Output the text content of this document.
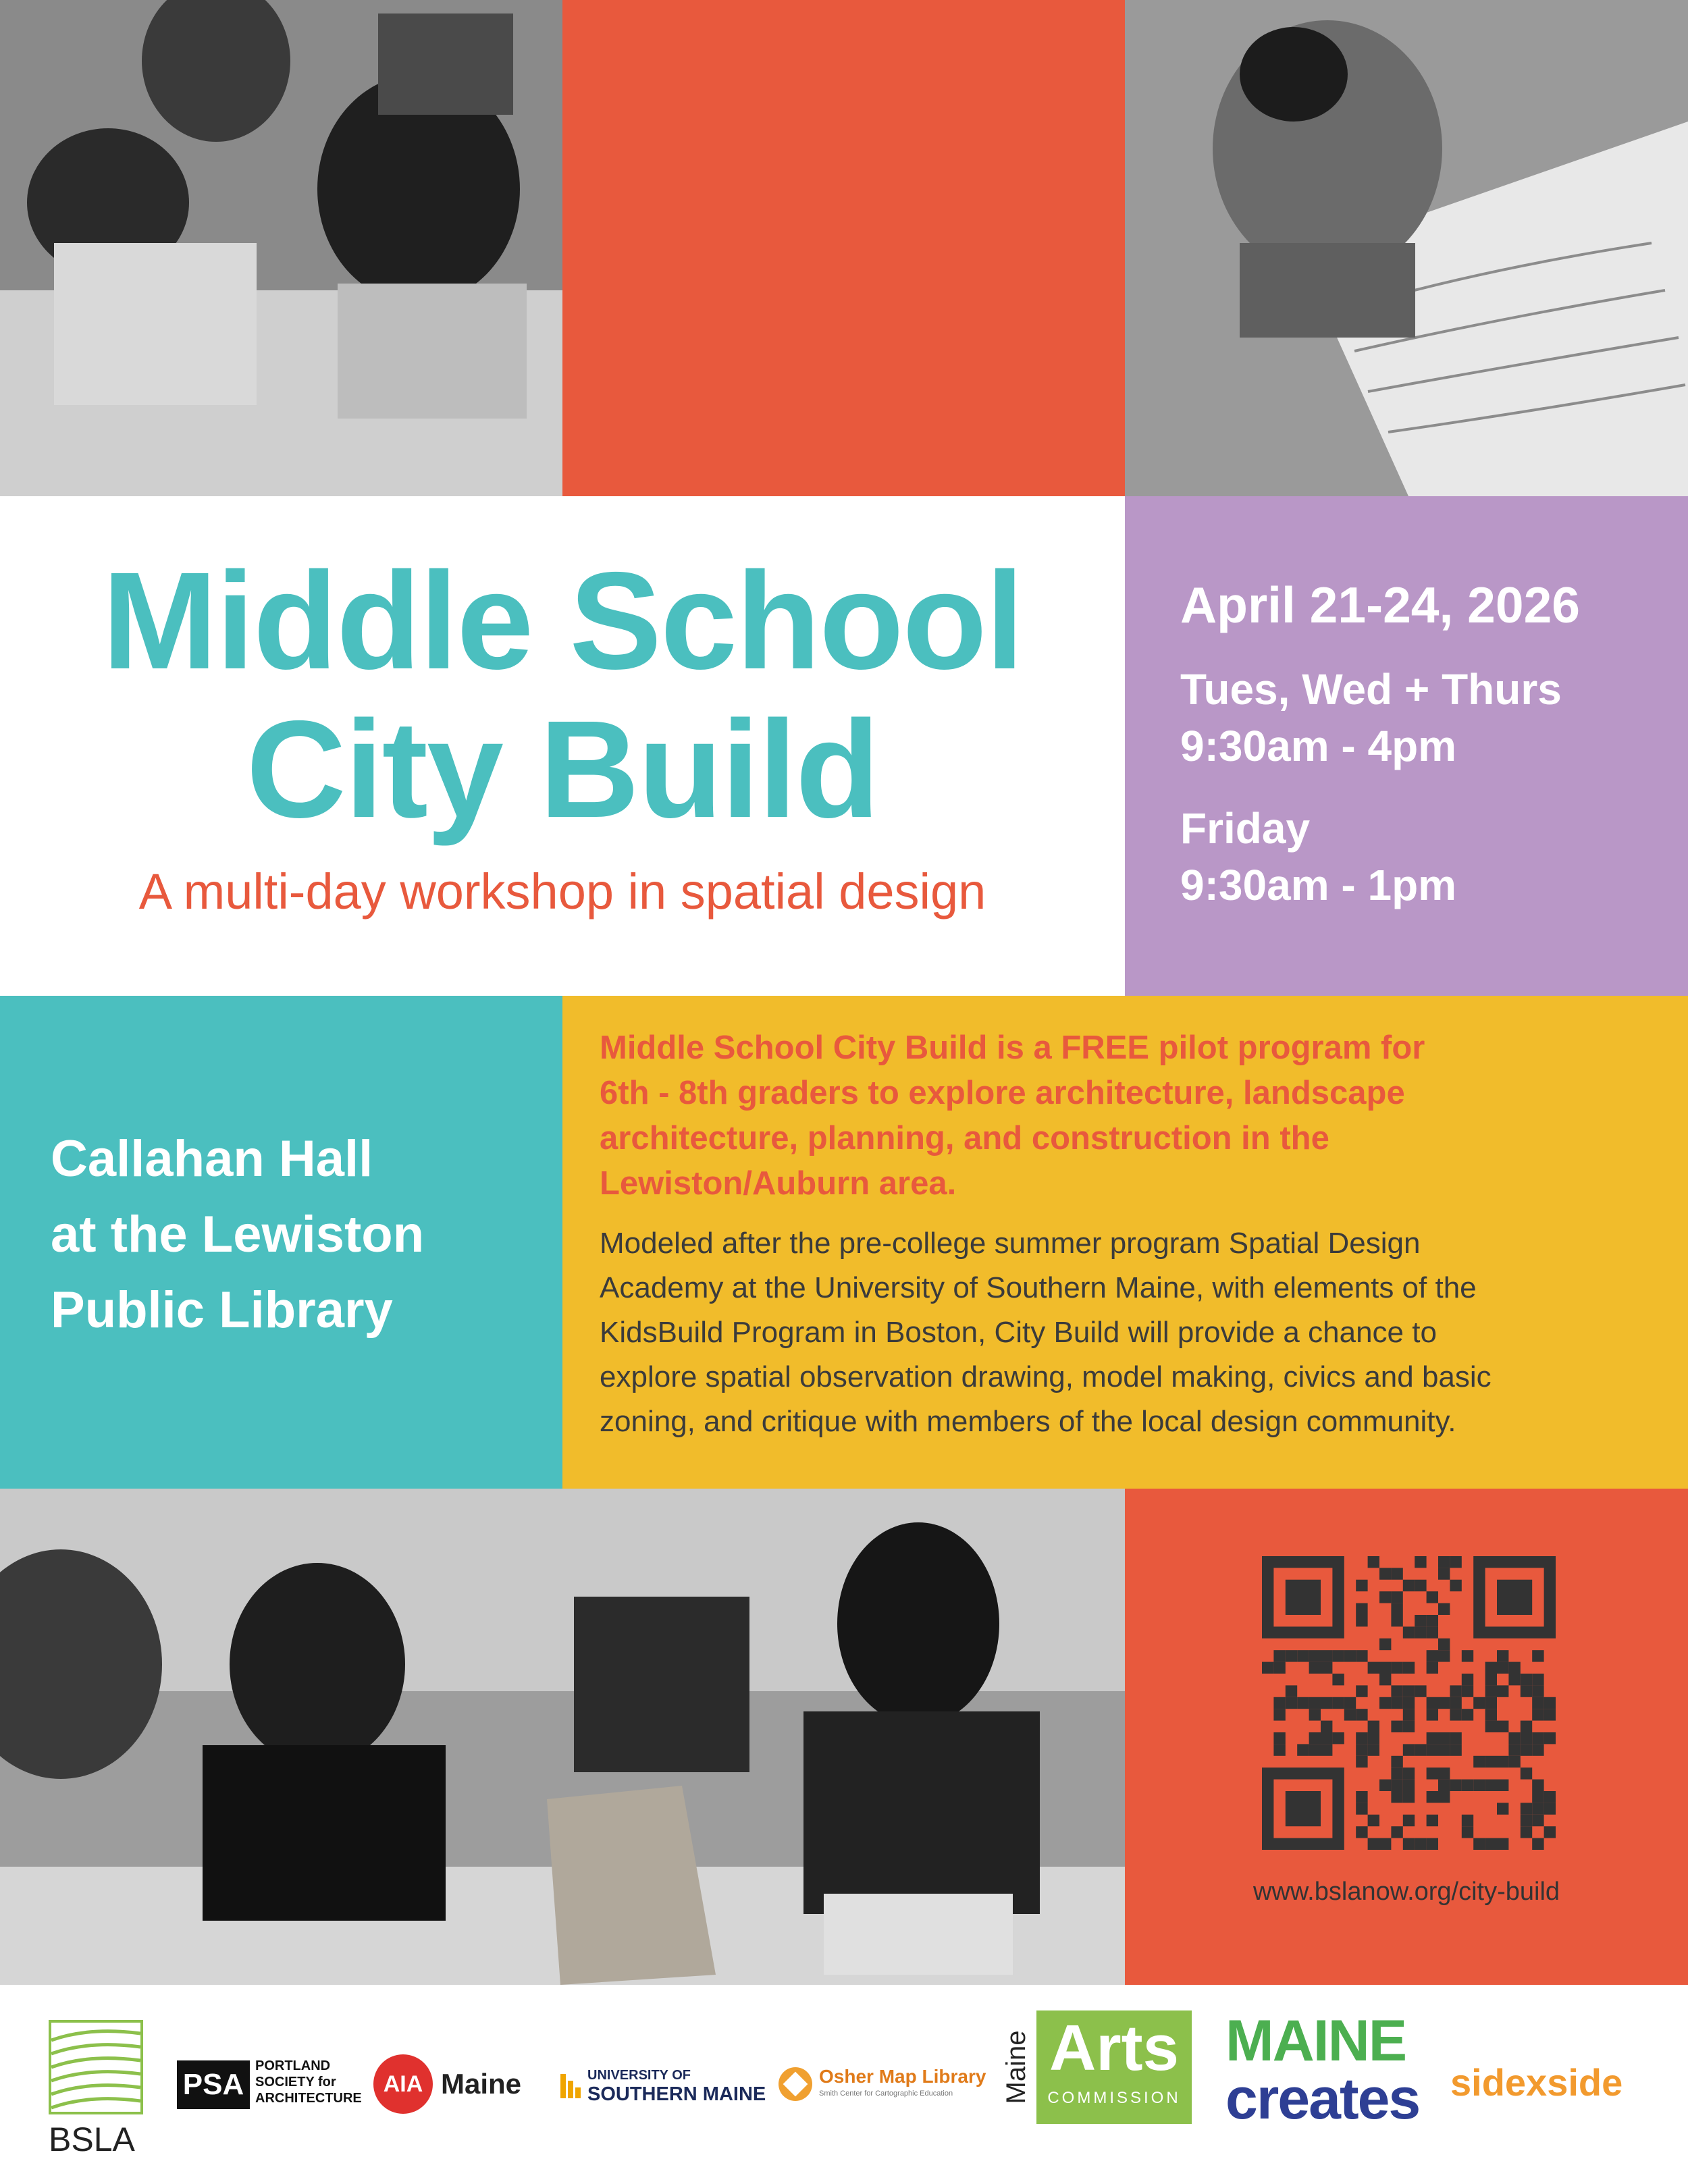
Middle School

City Build

A multi-day workshop in spatial design

April 21-24, 2026

Tues, Wed + Thurs

9:30am - 4pm

Friday

9:30am - 1pm

Callahan Hall

at the Lewiston

Public Library

Middle School City Build is a FREE pilot program for
6th - 8th graders to explore architecture, landscape
architecture, planning, and construction in the
Lewiston/Auburn area.

Modeled after the pre-college summer program Spatial Design
Academy at the University of Southern Maine, with elements of the
KidsBuild Program in Boston, City Build will provide a chance to
explore spatial observation drawing, model making, civics and basic
zoning, and critique with members of the local design community.

www.bslanow.org/city-build

BSLA

PSA

PORTLAND

SOCIETY for

ARCHITECTURE

AIA Maine	UNIVERSITY OF

SOUTHERN MAINE

Osher Map Library

Smith Center for Cartographic Education Maine Arts

COMMISSION

MAINE

creates sidexside
